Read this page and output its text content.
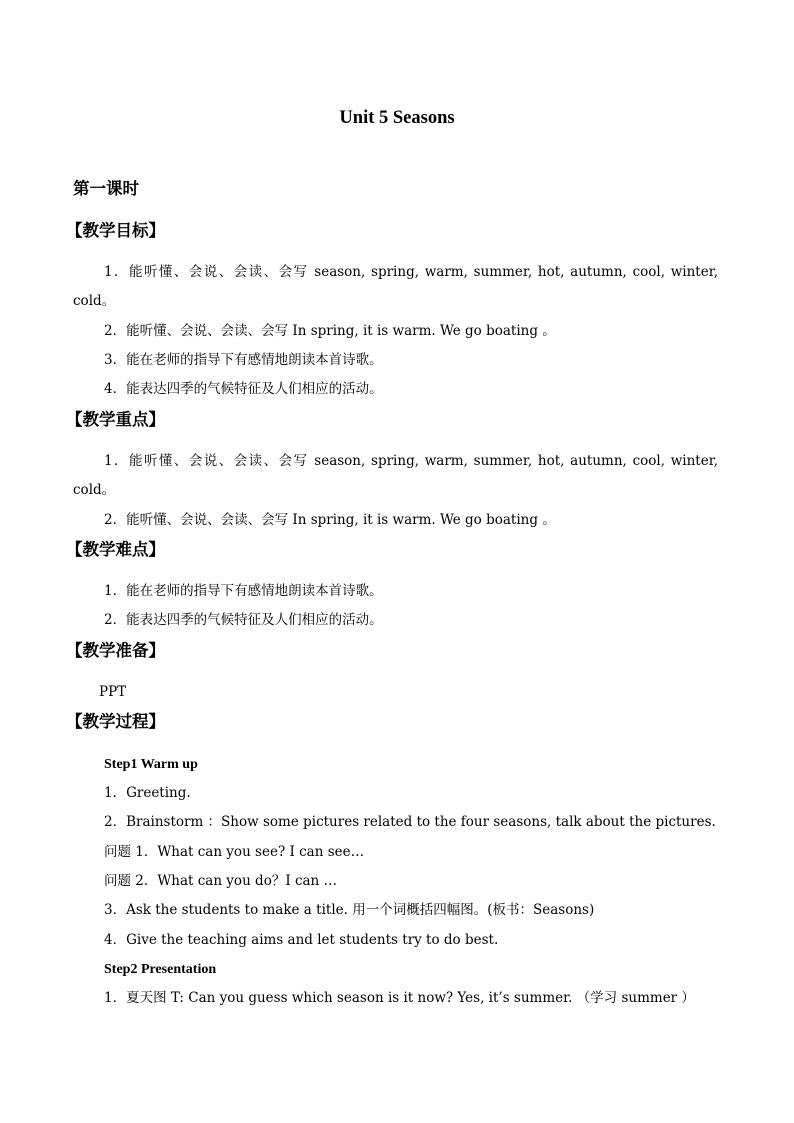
Unit 5 Seasons
第一课时
【教学目标】
1．能听懂、会说、会读、会写 season, spring, warm, summer, hot, autumn, cool, winter,
cold。
2．能听懂、会说、会读、会写 In spring, it is warm. We go boating 。
3．能在老师的指导下有感情地朗读本首诗歌。
4．能表达四季的气候特征及人们相应的活动。
【教学重点】
1．能听懂、会说、会读、会写 season, spring, warm, summer, hot, autumn, cool, winter,
cold。
2．能听懂、会说、会读、会写 In spring, it is warm. We go boating 。
【教学难点】
1．能在老师的指导下有感情地朗读本首诗歌。
2．能表达四季的气候特征及人们相应的活动。
【教学准备】
PPT
【教学过程】
Step1 Warm up
1．Greeting.
2．Brainstorm ：Show some pictures related to the four seasons, talk about the pictures.
问题 1．What can you see? I can see…
问题 2．What can you do？I can …
3．Ask the students to make a title. 用一个词概括四幅图。(板书：Seasons)
4．Give the teaching aims and let students try to do best.
Step2 Presentation
1．夏天图 T: Can you guess which season is it now? Yes, it’s summer. （学习 summer ）
